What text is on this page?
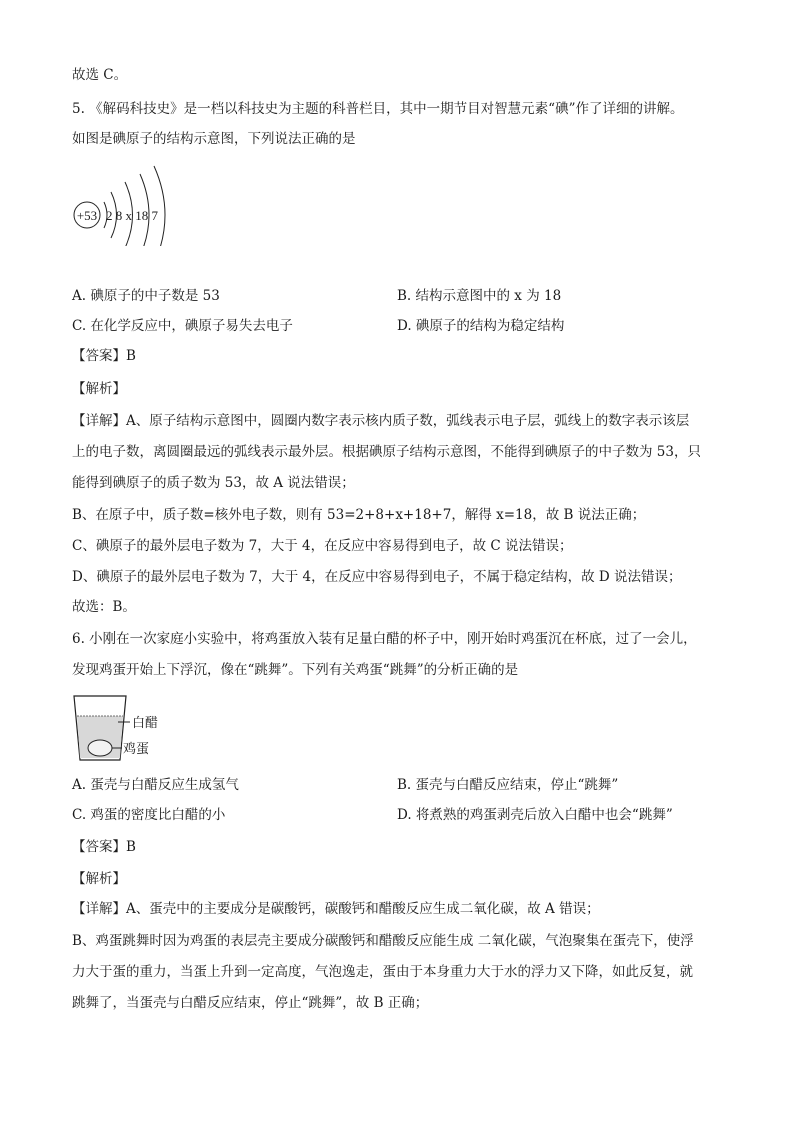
故选 C。
5. 《解码科技史》是一档以科技史为主题的科普栏目，其中一期节目对智慧元素“碘”作了详细的讲解。
如图是碘原子的结构示意图，下列说法正确的是
+53 2 8 x 18 7
A. 碘原子的中子数是 53	B. 结构示意图中的 x 为 18
C. 在化学反应中，碘原子易失去电子	D. 碘原子的结构为稳定结构
【答案】B
【解析】
【详解】A、原子结构示意图中，圆圈内数字表示核内质子数，弧线表示电子层，弧线上的数字表示该层
上的电子数，离圆圈最远的弧线表示最外层。根据碘原子结构示意图，不能得到碘原子的中子数为 53，只
能得到碘原子的质子数为 53，故 A 说法错误；
B、在原子中，质子数=核外电子数，则有 53=2+8+x+18+7，解得 x=18，故 B 说法正确；
C、碘原子的最外层电子数为 7，大于 4，在反应中容易得到电子，故 C 说法错误；
D、碘原子的最外层电子数为 7，大于 4，在反应中容易得到电子，不属于稳定结构，故 D 说法错误；
故选：B。
6. 小刚在一次家庭小实验中，将鸡蛋放入装有足量白醋的杯子中，刚开始时鸡蛋沉在杯底，过了一会儿，
发现鸡蛋开始上下浮沉，像在“跳舞”。下列有关鸡蛋“跳舞”的分析正确的是
白醋
鸡蛋
A. 蛋壳与白醋反应生成氢气	B. 蛋壳与白醋反应结束，停止“跳舞”
C. 鸡蛋的密度比白醋的小	D. 将煮熟的鸡蛋剥壳后放入白醋中也会“跳舞”
【答案】B
【解析】
【详解】A、蛋壳中的主要成分是碳酸钙，碳酸钙和醋酸反应生成二氧化碳，故 A 错误；
B、鸡蛋跳舞时因为鸡蛋的表层壳主要成分碳酸钙和醋酸反应能生成 二氧化碳，气泡聚集在蛋壳下，使浮
力大于蛋的重力，当蛋上升到一定高度，气泡逸走，蛋由于本身重力大于水的浮力又下降，如此反复，就
跳舞了，当蛋壳与白醋反应结束，停止“跳舞”，故 B 正确；
